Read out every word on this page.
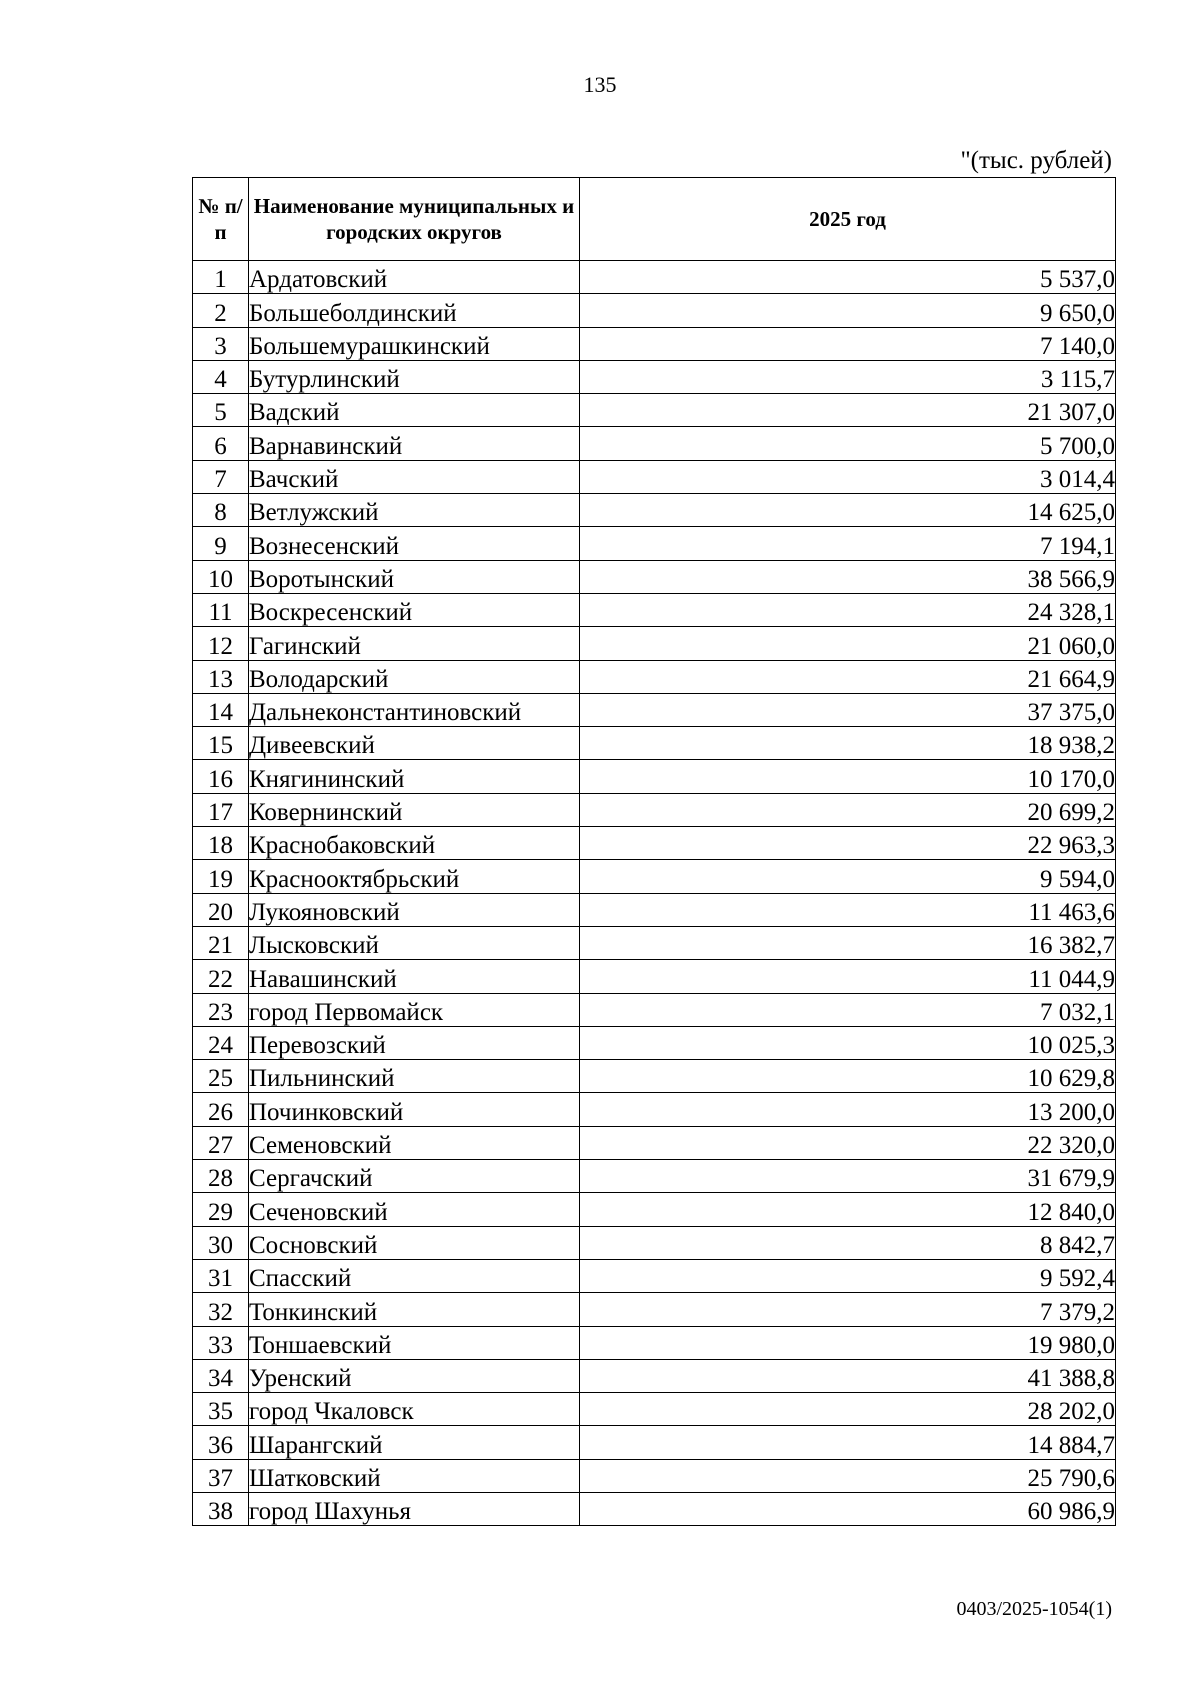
135
"(тыс. рублей)
№ п/п	Наименование муниципальных и городских округов	2025 год
1	Ардатовский	5 537,0
2	Большеболдинский	9 650,0
3	Большемурашкинский	7 140,0
4	Бутурлинский	3 115,7
5	Вадский	21 307,0
6	Варнавинский	5 700,0
7	Вачский	3 014,4
8	Ветлужский	14 625,0
9	Вознесенский	7 194,1
10	Воротынский	38 566,9
11	Воскресенский	24 328,1
12	Гагинский	21 060,0
13	Володарский	21 664,9
14	Дальнеконстантиновский	37 375,0
15	Дивеевский	18 938,2
16	Княгининский	10 170,0
17	Ковернинский	20 699,2
18	Краснобаковский	22 963,3
19	Краснооктябрьский	9 594,0
20	Лукояновский	11 463,6
21	Лысковский	16 382,7
22	Навашинский	11 044,9
23	город Первомайск	7 032,1
24	Перевозский	10 025,3
25	Пильнинский	10 629,8
26	Починковский	13 200,0
27	Семеновский	22 320,0
28	Сергачский	31 679,9
29	Сеченовский	12 840,0
30	Сосновский	8 842,7
31	Спасский	9 592,4
32	Тонкинский	7 379,2
33	Тоншаевский	19 980,0
34	Уренский	41 388,8
35	город Чкаловск	28 202,0
36	Шарангский	14 884,7
37	Шатковский	25 790,6
38	город Шахунья	60 986,9
0403/2025-1054(1)
